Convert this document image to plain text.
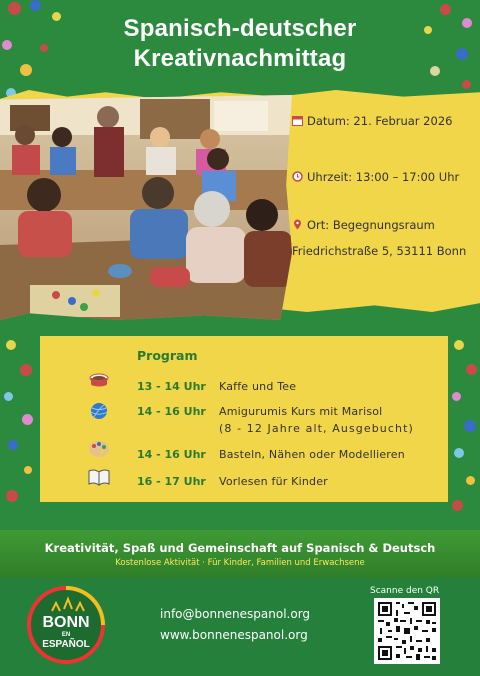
Spanisch-deutscher
Kreativnachmittag
Datum: 21. Februar 2026
Uhrzeit: 13:00 – 17:00 Uhr
Ort: Begegnungsraum
Friedrichstraße 5, 53111 Bonn
Program
13 - 14 Uhr Kaffe und Tee
14 - 16 Uhr Amigurumis Kurs mit Marisol
(8 - 12 Jahre alt, Ausgebucht)
14 - 16 Uhr Basteln, Nähen oder Modellieren
16 - 17 Uhr Vorlesen für Kinder
Kreativität, Spaß und Gemeinschaft auf Spanisch & Deutsch
Kostenlose Aktivität · Für Kinder, Familien und Erwachsene
BONN
EN
ESPAÑOL
info@bonnenespanol.org
www.bonnenespanol.org
Scanne den QR
